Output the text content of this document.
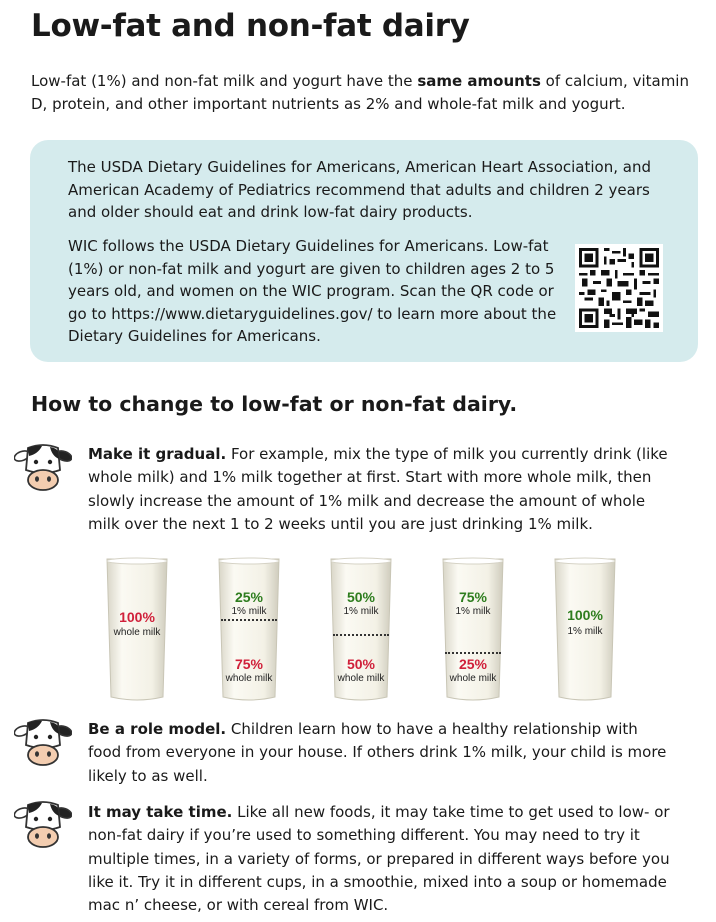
Low-fat and non-fat dairy
Low-fat (1%) and non-fat milk and yogurt have the same amounts of calcium, vitamin D, protein, and other important nutrients as 2% and whole-fat milk and yogurt.

The USDA Dietary Guidelines for Americans, American Heart Association, and American Academy of Pediatrics recommend that adults and children 2 years and older should eat and drink low-fat dairy products.

WIC follows the USDA Dietary Guidelines for Americans. Low-fat (1%) or non-fat milk and yogurt are given to children ages 2 to 5 years old, and women on the WIC program. Scan the QR code or go to https://www.dietaryguidelines.gov/ to learn more about the Dietary Guidelines for Americans.

How to change to low-fat or non-fat dairy.
Make it gradual. For example, mix the type of milk you currently drink (like whole milk) and 1% milk together at first. Start with more whole milk, then slowly increase the amount of 1% milk and decrease the amount of whole milk over the next 1 to 2 weeks until you are just drinking 1% milk.
100%
whole milk
25%
1% milk
75%
whole milk
50%
1% milk
50%
whole milk
75%
1% milk
25%
whole milk
100%
1% milk
Be a role model. Children learn how to have a healthy relationship with food from everyone in your house. If others drink 1% milk, your child is more likely to as well.
It may take time. Like all new foods, it may take time to get used to low- or non-fat dairy if you’re used to something different. You may need to try it multiple times, in a variety of forms, or prepared in different ways before you like it. Try it in different cups, in a smoothie, mixed into a soup or homemade mac n’ cheese, or with cereal from WIC.
